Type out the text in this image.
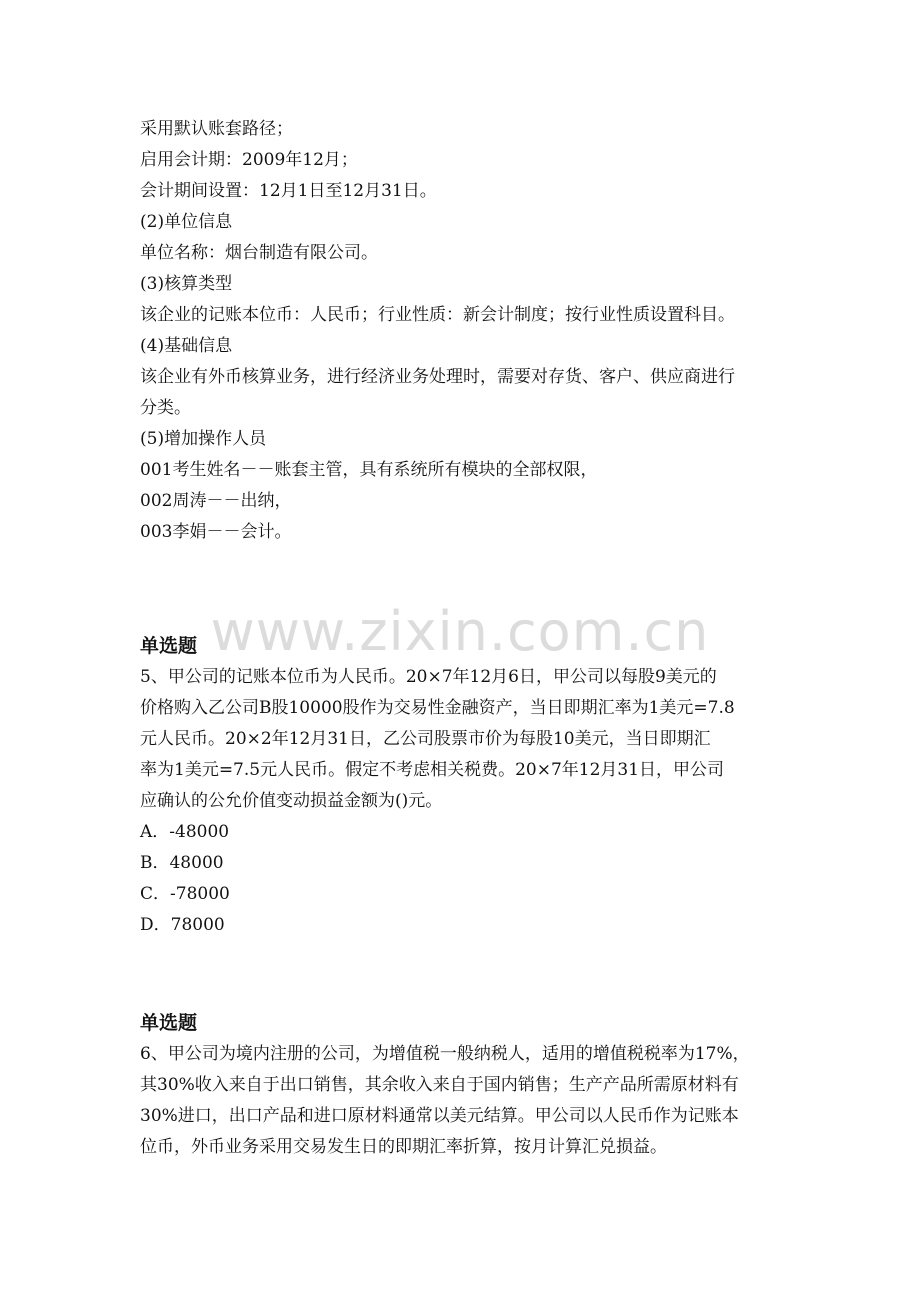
www.zixin.com.cn
采用默认账套路径；
启用会计期：2009年12月；
会计期间设置：12月1日至12月31日。
(2)单位信息
单位名称：烟台制造有限公司。
(3)核算类型
该企业的记账本位币：人民币；行业性质：新会计制度；按行业性质设置科目。
(4)基础信息
该企业有外币核算业务，进行经济业务处理时，需要对存货、客户、供应商进行
分类。
(5)增加操作人员
001考生姓名－－账套主管，具有系统所有模块的全部权限，
002周涛－－出纳，
003李娟－－会计。
单选题
5、甲公司的记账本位币为人民币。20×7年12月6日，甲公司以每股9美元的
价格购入乙公司B股10000股作为交易性金融资产，当日即期汇率为1美元=7.8
元人民币。20×2年12月31日，乙公司股票市价为每股10美元，当日即期汇
率为1美元=7.5元人民币。假定不考虑相关税费。20×7年12月31日，甲公司
应确认的公允价值变动损益金额为()元。
A．-48000
B．48000
C．-78000
D．78000
单选题
6、甲公司为境内注册的公司，为增值税一般纳税人，适用的增值税税率为17%，
其30%收入来自于出口销售，其余收入来自于国内销售；生产产品所需原材料有
30%进口，出口产品和进口原材料通常以美元结算。甲公司以人民币作为记账本
位币，外币业务采用交易发生日的即期汇率折算，按月计算汇兑损益。
